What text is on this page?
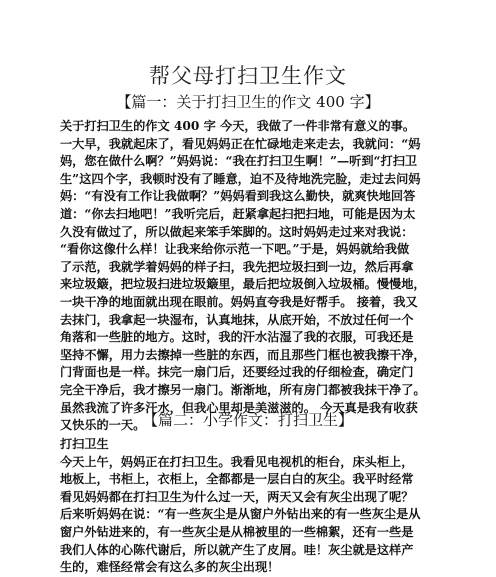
帮父母打扫卫生作文
【篇一：关于打扫卫生的作文 400 字】
关于打扫卫生的作文 400 字 今天，我做了一件非常有意义的事。
一大早，我就起床了，看见妈妈正在忙碌地走来走去，我就问：“妈
妈，您在做什么啊？”妈妈说：“我在打扫卫生啊！”—听到“打扫卫
生”这四个字，我顿时没有了睡意，迫不及待地洗完脸，走过去问妈
妈：“有没有工作让我做啊？”妈妈看到我这么勤快，就爽快地回答
道：“你去扫地吧！”我听完后，赶紧拿起扫把扫地，可能是因为太
久没有做过了，所以做起来笨手笨脚的。这时妈妈走过来对我说：
“看你这像什么样！让我来给你示范一下吧。”于是，妈妈就给我做
了示范，我就学着妈妈的样子扫，我先把垃圾扫到一边，然后再拿
来垃圾簸，把垃圾扫进垃圾簸里，最后把垃圾倒入垃圾桶。慢慢地，
一块干净的地面就出现在眼前。妈妈直夸我是好帮手。 接着，我又
去抹门，我拿起一块湿布，认真地抹，从底开始，不放过任何一个
角落和一些脏的地方。这时，我的汗水沾湿了我的衣服，可我还是
坚持不懈，用力去擦掉一些脏的东西，而且那些门框也被我擦干净，
门背面也是一样。抹完一扇门后，还要经过我的仔细检查，确定门
完全干净后，我才擦另一扇门。渐渐地，所有房门都被我抹干净了。
虽然我流了许多汗水，但我心里却是美滋滋的。 今天真是我有收获
又快乐的一天。
【篇二：小学作文：打扫卫生】
打扫卫生
今天上午，妈妈正在打扫卫生。我看见电视机的柜台，床头柜上，
地板上，书柜上，衣柜上，全都都是一层白白的灰尘。我平时经常
看见妈妈都在打扫卫生为什么过一天，两天又会有灰尘出现了呢？
后来听妈妈在说：“有一些灰尘是从窗户外钻出来的有一些灰尘是从
窗户外钻进来的，有一些灰尘是从棉被里的一些棉絮，还有一些是
我们人体的心陈代谢后，所以就产生了皮屑。哇！灰尘就是这样产
生的，难怪经常会有这么多的灰尘出现！
